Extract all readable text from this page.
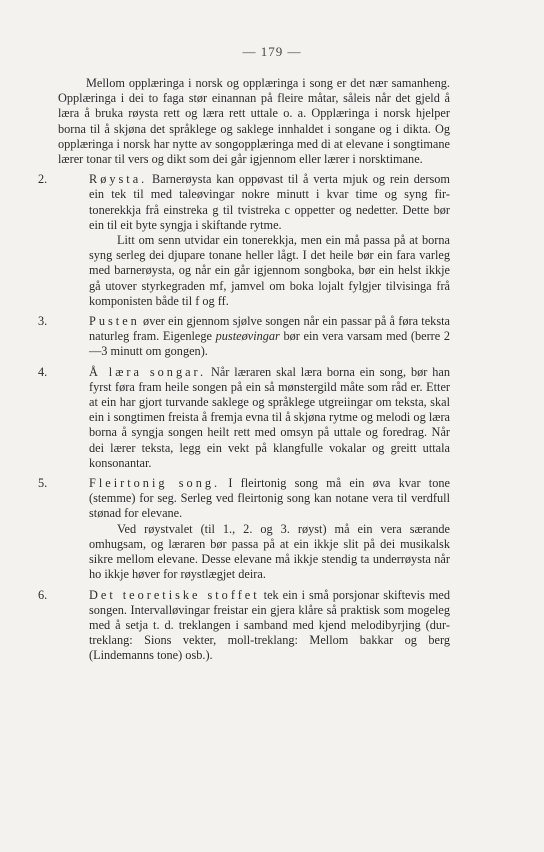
— 179 —

Mellom opplæringa i norsk og opplæringa i song er det nær samanheng. Opplæringa i dei to faga stør einannan på fleire måtar, såleis når det gjeld å læra å bruka røysta rett og læra rett uttale o. a. Opplæringa i norsk hjelper borna til å skjøna det språklege og saklege innhaldet i songane og i dikta. Og opplæringa i norsk har nytte av songopplæringa med di at elevane i songtimane lærer tonar til vers og dikt som dei går igjennom eller lærer i norsktimane.

2.	Røysta. Barnerøysta kan oppøvast til å verta mjuk og rein dersom ein tek til med taleøvingar nokre minutt i kvar time og syng fir-tonerekkja frå einstreka g til tvistreka c oppetter og nedetter. Dette bør ein til eit byte syngja i skiftande rytme.

Litt om senn utvidar ein tonerekkja, men ein må passa på at borna syng serleg dei djupare tonane heller lågt. I det heile bør ein fara varleg med barnerøysta, og når ein går igjennom songboka, bør ein helst ikkje gå utover styrkegraden mf, jamvel om boka lojalt fylgjer tilvisinga frå komponisten både til f og ff.

3.	Pusten øver ein gjennom sjølve songen når ein passar på å føra teksta naturleg fram. Eigenlege pusteøvingar bør ein vera varsam med (berre 2—3 minutt om gongen).

4.	Å læra songar. Når læraren skal læra borna ein song, bør han fyrst føra fram heile songen på ein så mønstergild måte som råd er. Etter at ein har gjort turvande saklege og språklege utgreiingar om teksta, skal ein i songtimen freista å fremja evna til å skjøna rytme og melodi og læra borna å syngja songen heilt rett med omsyn på uttale og foredrag. Når dei lærer teksta, legg ein vekt på klangfulle vokalar og greitt uttala konsonantar.

5.	Fleirtonig song. I fleirtonig song må ein øva kvar tone (stemme) for seg. Serleg ved fleirtonig song kan notane vera til verdfull stønad for elevane.

Ved røystvalet (til 1., 2. og 3. røyst) må ein vera særande omhugsam, og læraren bør passa på at ein ikkje slit på dei musikalsk sikre mellom elevane. Desse elevane må ikkje stendig ta underrøysta når ho ikkje høver for røystlægjet deira.

6.	Det teoretiske stoffet tek ein i små porsjonar skiftevis med songen. Intervalløvingar freistar ein gjera klåre så praktisk som mogeleg med å setja t. d. treklangen i samband med kjend melodibyrjing (dur-treklang: Sions vekter, moll-treklang: Mellom bakkar og berg (Lindemanns tone) osb.).
